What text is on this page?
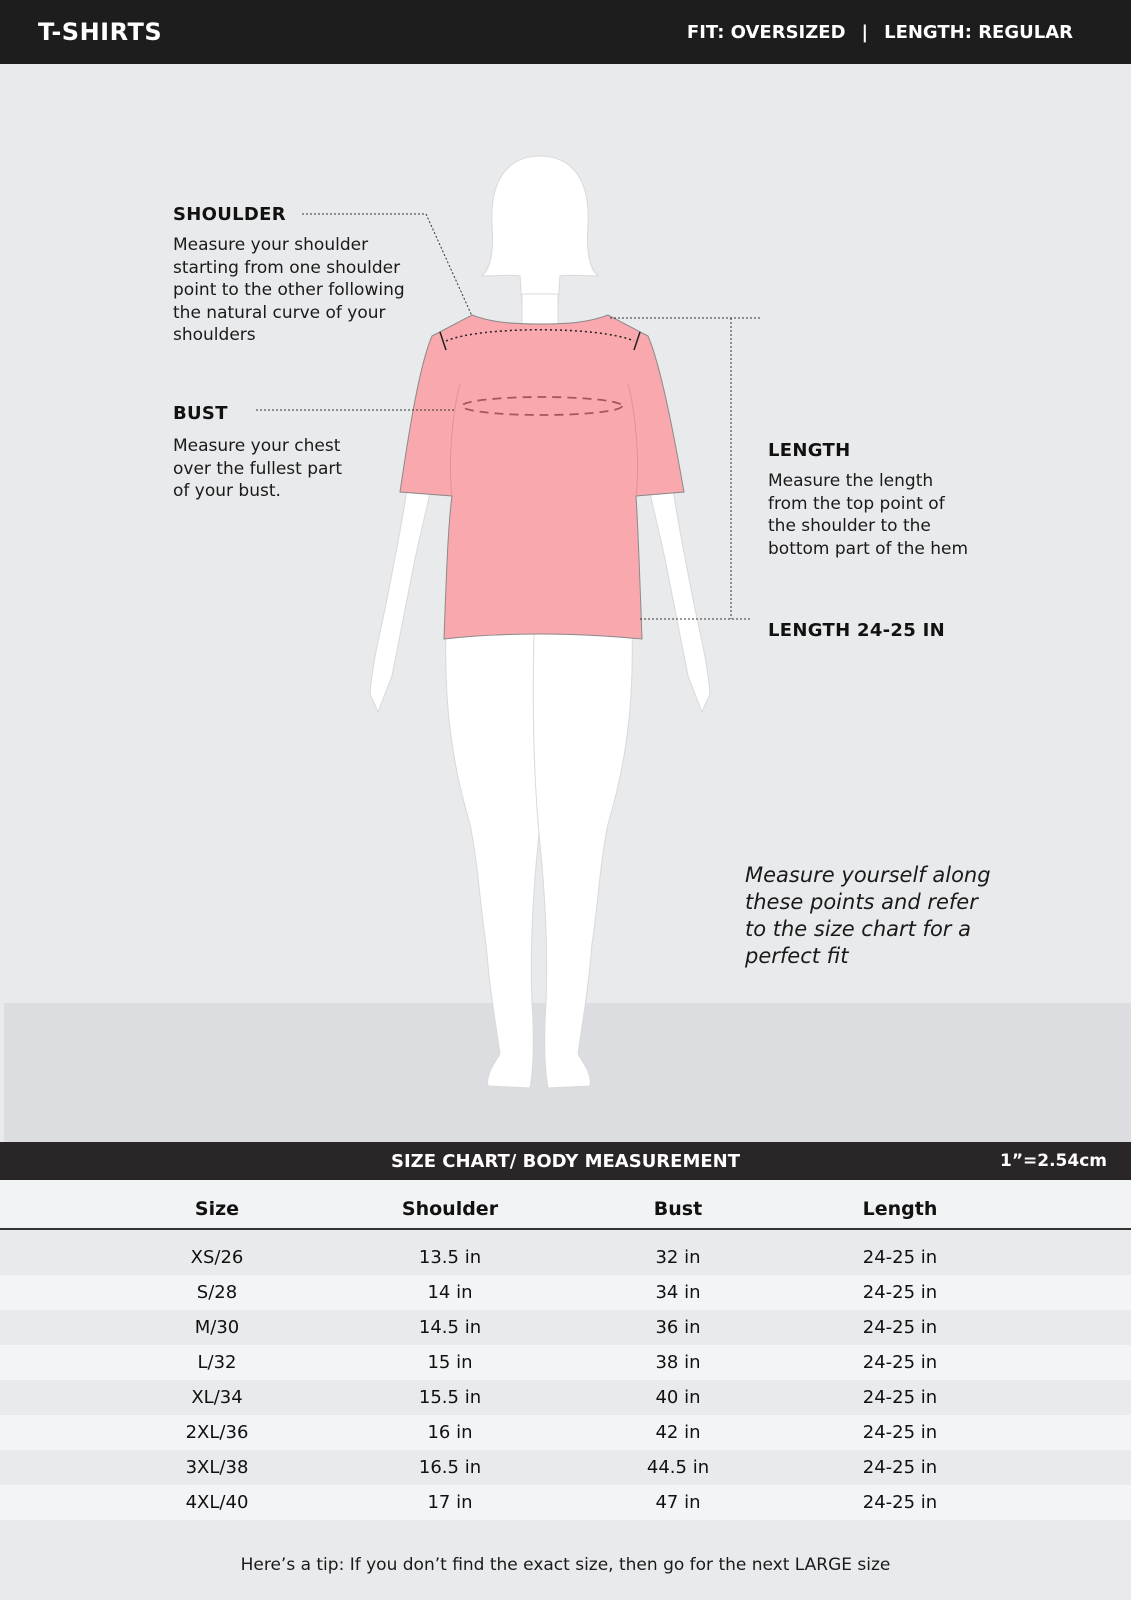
T-SHIRTS	FIT: OVERSIZED | LENGTH: REGULAR
SHOULDER
Measure your shoulder
starting from one shoulder
point to the other following
the natural curve of your
shoulders
BUST
Measure your chest
over the fullest part
of your bust.
LENGTH
Measure the length
from the top point of
the shoulder to the
bottom part of the hem
LENGTH 24-25 IN
Measure yourself along
these points and refer
to the size chart for a
perfect fit
SIZE CHART/ BODY MEASUREMENT	1”=2.54cm
Size	Shoulder	Bust	Length
XS/26	13.5 in	32 in	24-25 in
S/28	14 in	34 in	24-25 in
M/30	14.5 in	36 in	24-25 in
L/32	15 in	38 in	24-25 in
XL/34	15.5 in	40 in	24-25 in
2XL/36	16 in	42 in	24-25 in
3XL/38	16.5 in	44.5 in	24-25 in
4XL/40	17 in	47 in	24-25 in
Here’s a tip: If you don’t find the exact size, then go for the next LARGE size
